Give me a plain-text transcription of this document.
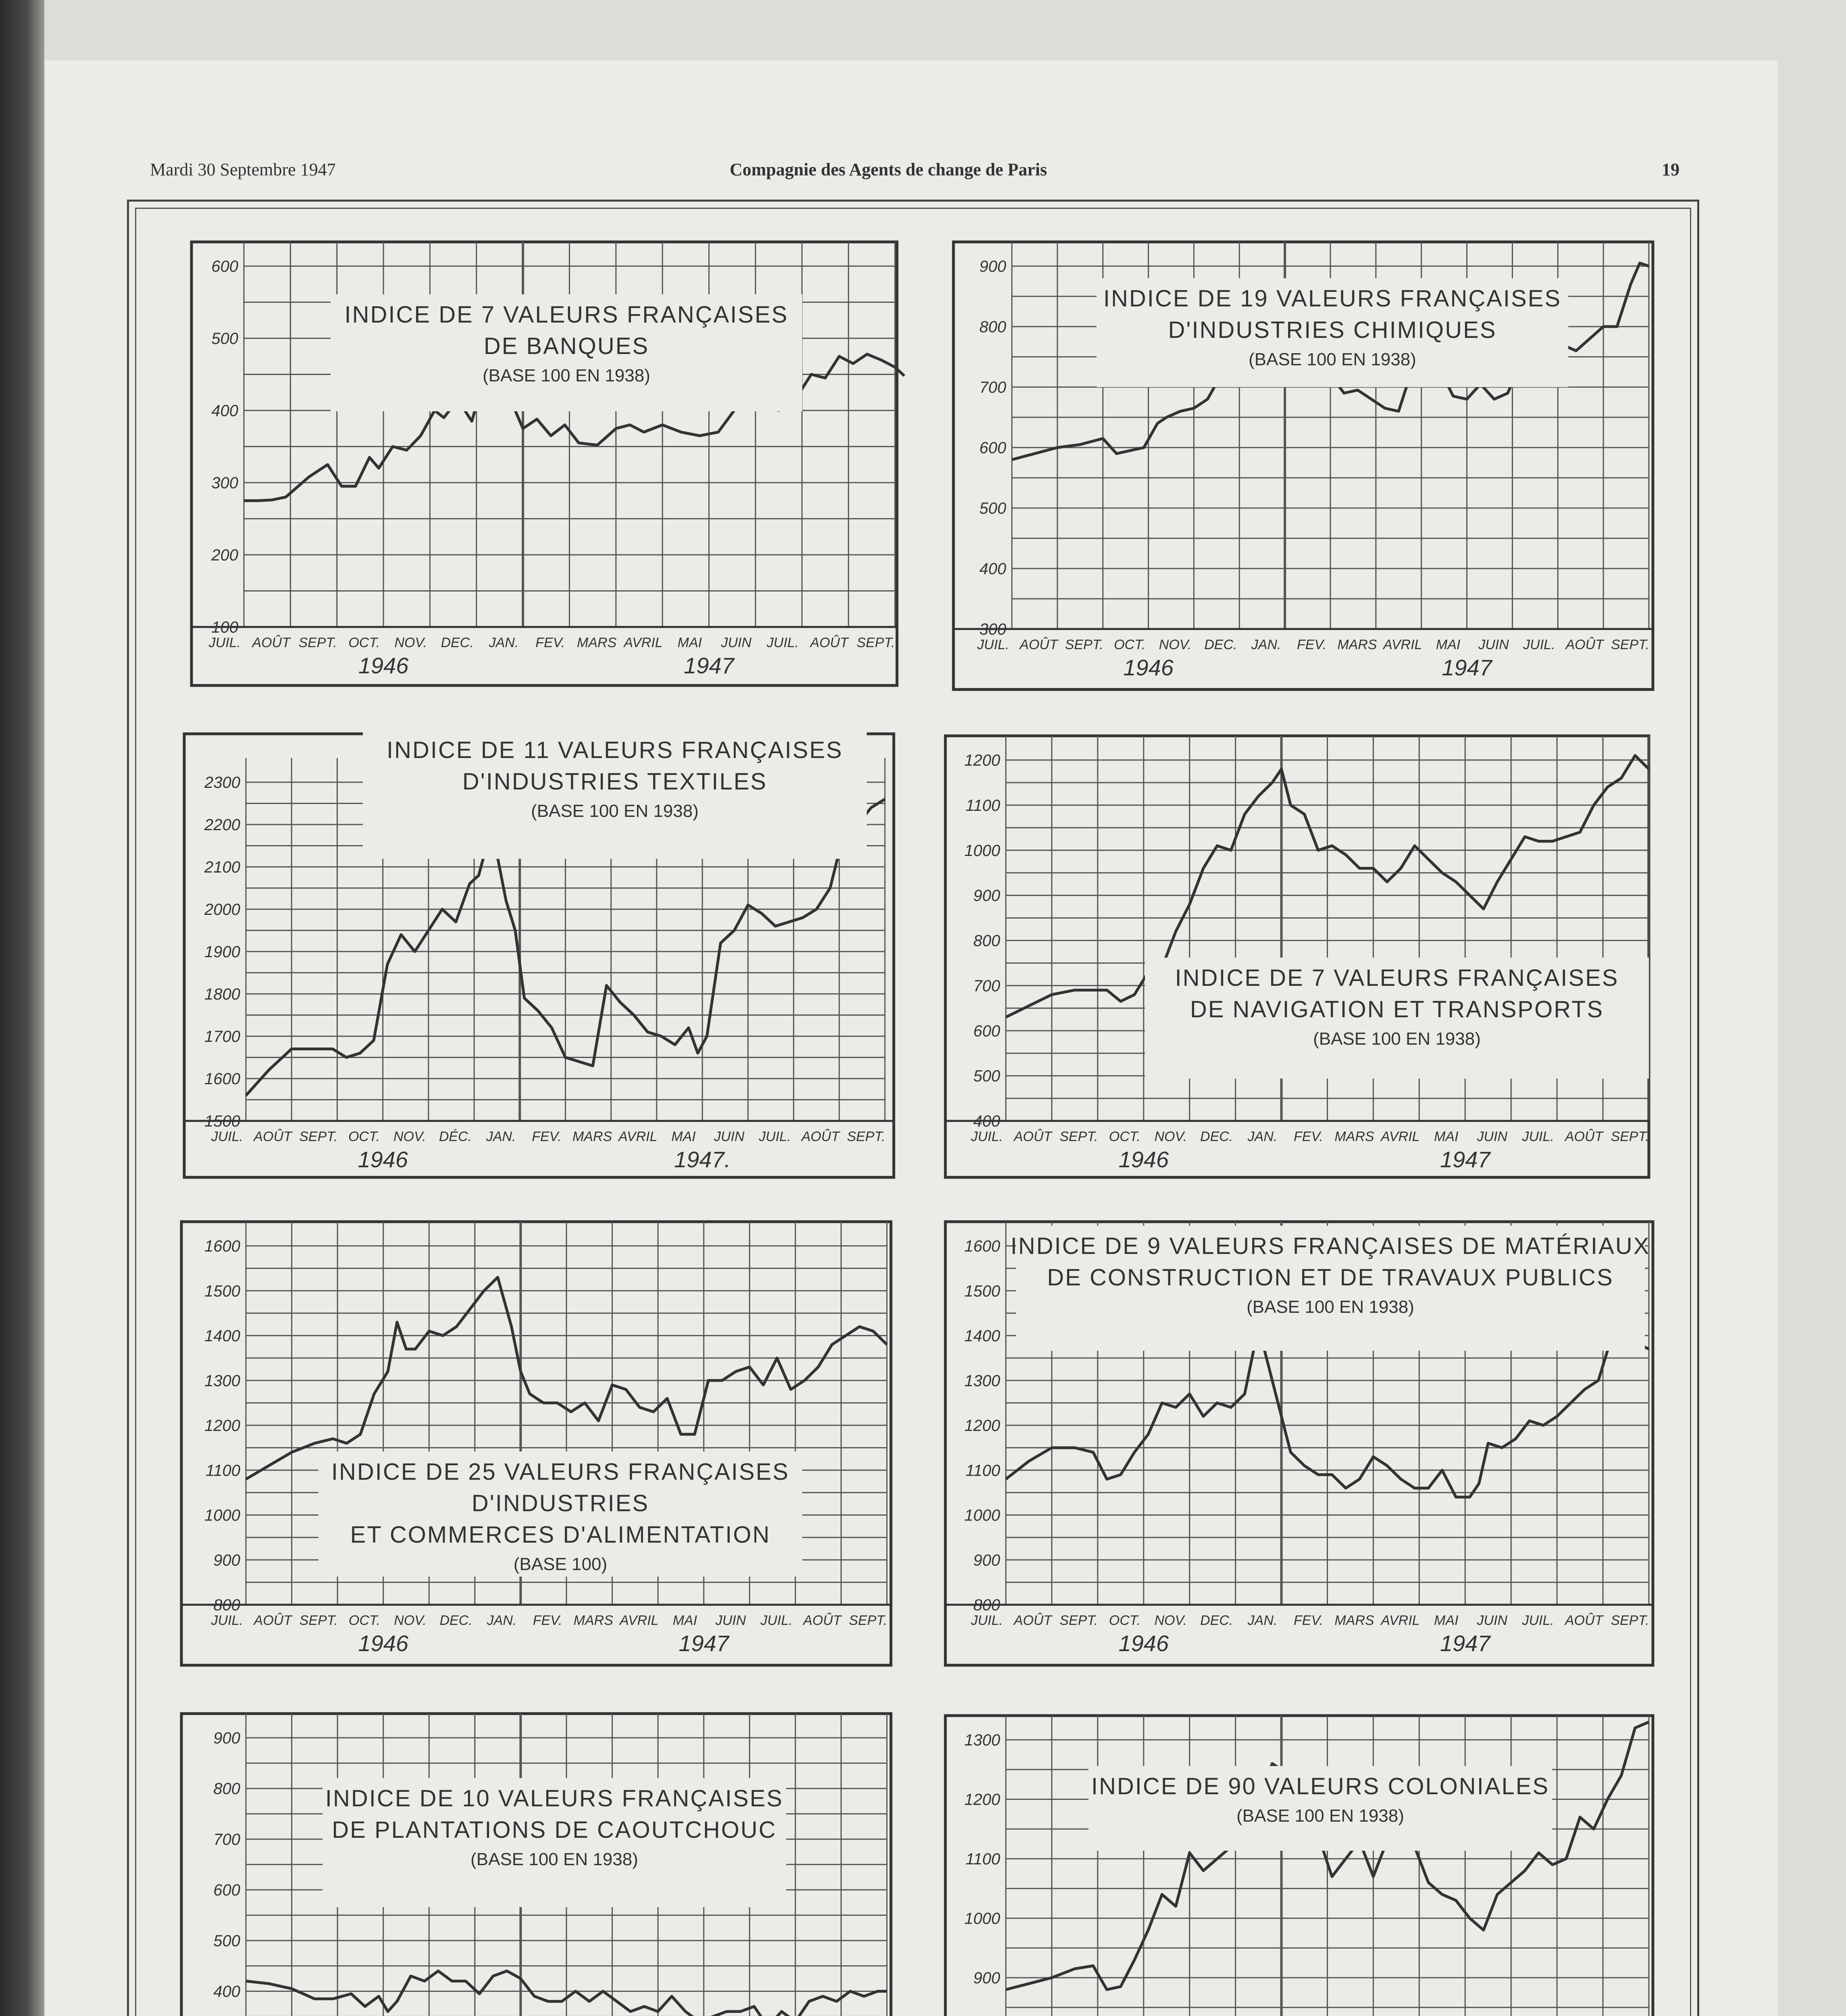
Mardi 30 Septembre 1947	Compagnie des Agents de change de Paris	19
100
200
300
400
500
600
JUIL. AOÛT SEPT. OCT. NOV. DEC. JAN. FEV. MARS AVRIL MAI JUIN JUIL. AOÛT SEPT.
1946	1947
INDICE DE 7 VALEURS FRANÇAISES
DE BANQUES
(BASE 100 EN 1938)
300
400
500
600
700
800
900
JUIL. AOÛT SEPT. OCT. NOV. DEC. JAN. FEV. MARS AVRIL MAI JUIN JUIL. AOÛT SEPT.
1946	1947
INDICE DE 19 VALEURS FRANÇAISES
D'INDUSTRIES CHIMIQUES
(BASE 100 EN 1938)
1500
1600
1700
1800
1900
2000
2100
2200
2300
JUIL. AOÛT SEPT. OCT. NOV. DÉC. JAN. FEV. MARS AVRIL MAI JUIN JUIL. AOÛT SEPT.
1946	1947.
INDICE DE 11 VALEURS FRANÇAISES
D'INDUSTRIES TEXTILES
(BASE 100 EN 1938)
400
500
600
700
800
900
1000
1100
1200
JUIL. AOÛT SEPT. OCT. NOV. DEC. JAN. FEV. MARS AVRIL MAI JUIN JUIL. AOÛT SEPT.
1946	1947
INDICE DE 7 VALEURS FRANÇAISES
DE NAVIGATION ET TRANSPORTS
(BASE 100 EN 1938)
800
900
1000
1100
1200
1300
1400
1500
1600
JUIL. AOÛT SEPT. OCT. NOV. DEC. JAN. FEV. MARS AVRIL MAI JUIN JUIL. AOÛT SEPT.
1946	1947
INDICE DE 25 VALEURS FRANÇAISES
D'INDUSTRIES
ET COMMERCES D'ALIMENTATION
(BASE 100)
800
900
1000
1100
1200
1300
1400
1500
1600
JUIL. AOÛT SEPT. OCT. NOV. DEC. JAN. FEV. MARS AVRIL MAI JUIN JUIL. AOÛT SEPT.
1946	1947
INDICE DE 9 VALEURS FRANÇAISES DE MATÉRIAUX
DE CONSTRUCTION ET DE TRAVAUX PUBLICS
(BASE 100 EN 1938)
400
500
600
700
800
900
INDICE DE 10 VALEURS FRANÇAISES
DE PLANTATIONS DE CAOUTCHOUC
(BASE 100 EN 1938)
900
1000
1100
1200
1300
INDICE DE 90 VALEURS COLONIALES
(BASE 100 EN 1938)
